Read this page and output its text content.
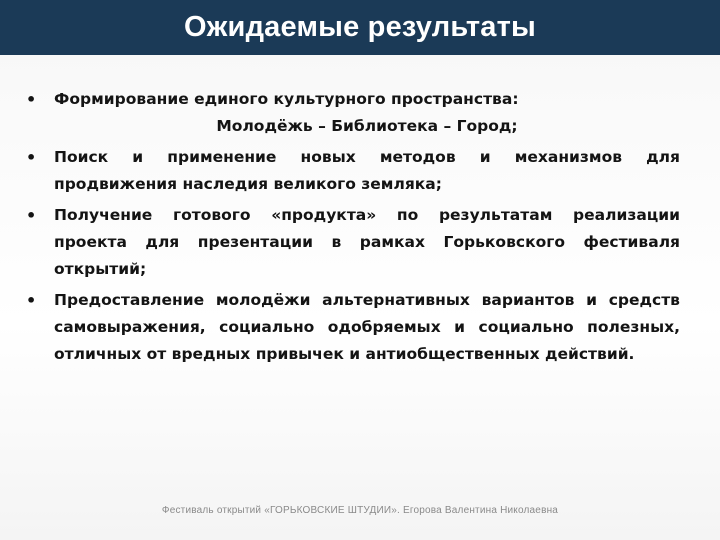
Ожидаемые результаты
• Формирование единого культурного пространства:
Молодёжь – Библиотека – Город;
• Поиск и применение новых методов и механизмов для
продвижения наследия великого земляка;
• Получение готового «продукта» по результатам реализации
проекта для презентации в рамках Горьковского фестиваля
открытий;
• Предоставление молодёжи альтернативных вариантов и средств
самовыражения, социально одобряемых и социально полезных,
отличных от вредных привычек и антиобщественных действий.
Фестиваль открытий «ГОРЬКОВСКИЕ ШТУДИИ». Егорова Валентина Николаевна
